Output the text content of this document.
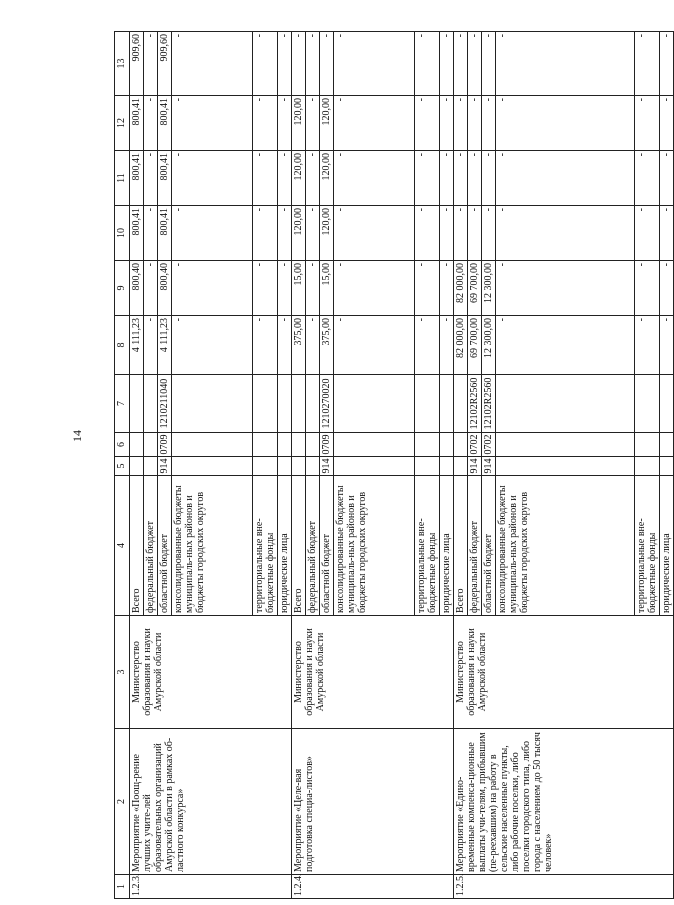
14
1	2	3	4	5	6	7	8	9	10	11	12	13
1.2.3.	Мероприятие «Поощ-рение лучших учите-лей образовательных организаций Амурской области в рамках об-ластного конкурса»	Министерство образования и науки Амурской области	Всего				4 111,23	800,40	800,41	800,41	800,41	909,60
			федеральный бюджет				-	-	-	-	-	-
			областной бюджет	914	0709	1210211040	4 111,23	800,40	800,41	800,41	800,41	909,60
			консолидированные бюджеты муниципаль-ных районов и бюджеты городских округов				-	-	-	-	-	-
			территориальные вне-бюджетные фонды				-	-	-	-	-	-
			юридические лица				-	-	-	-	-	-
1.2.4.	Мероприятие «Целе-вая подготовка специа-листов»	Министерство образования и науки Амурской области	Всего				375,00	15,00	120,00	120,00	120,00	-
			федеральный бюджет				-	-	-	-	-	-
			областной бюджет	914	0709	1210270020	375,00	15,00	120,00	120,00	120,00	-
			консолидированные бюджеты муниципаль-ных районов и бюджеты городских округов				-	-	-	-	-	-
			территориальные вне-бюджетные фонды				-	-	-	-	-	-
			юридические лица				-	-	-	-	-	-
1.2.5.	Мероприятие «Едино-временные компенса-ционные выплаты учи-телям, прибывшим (пе-реехавшим) на работу в сельские населенные пункты, либо рабочие поселки, либо поселки городского типа, либо города с населением до 50 тысяч человек»	Министерство образования и науки Амурской области	Всего				82 000,00	82 000,00	-	-	-	-
			федеральный бюджет	914	0702	12102R2560	69 700,00	69 700,00	-	-	-	-
			областной бюджет	914	0702	12102R2560	12 300,00	12 300,00	-	-	-	-
			консолидированные бюджеты муниципаль-ных районов и бюджеты городских округов				-	-	-	-	-	-
			территориальные вне-бюджетные фонды				-	-	-	-	-	-
			юридические лица				-	-	-	-	-	-
